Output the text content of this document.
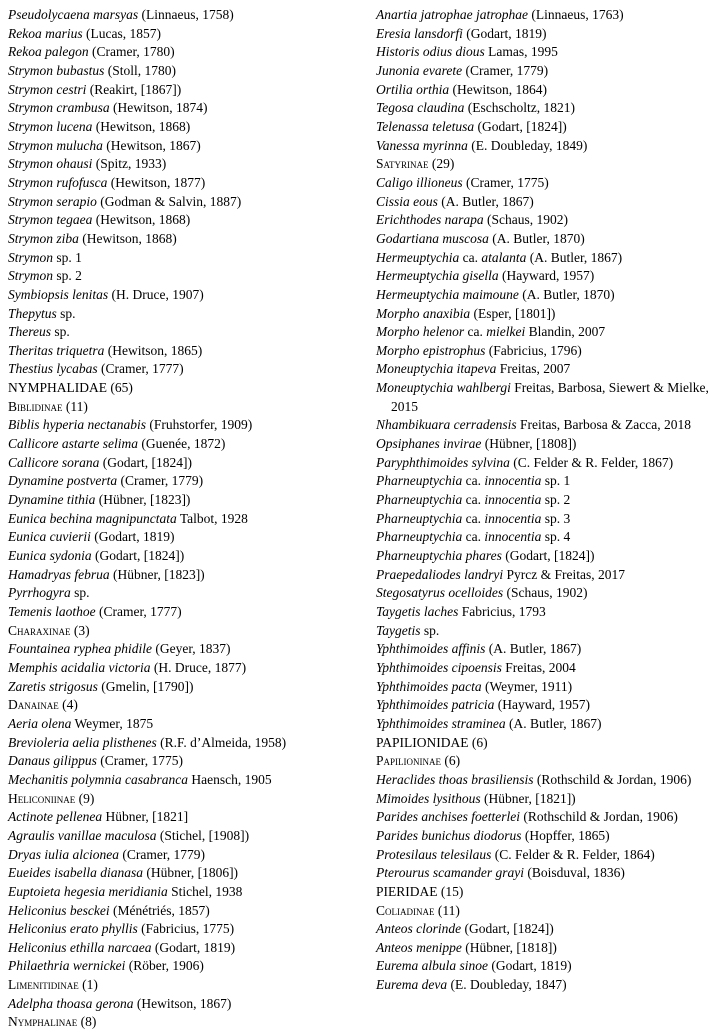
Pseudolycaena marsyas (Linnaeus, 1758)
Rekoa marius (Lucas, 1857)
Rekoa palegon (Cramer, 1780)
Strymon bubastus (Stoll, 1780)
Strymon cestri (Reakirt, [1867])
Strymon crambusa (Hewitson, 1874)
Strymon lucena (Hewitson, 1868)
Strymon mulucha (Hewitson, 1867)
Strymon ohausi (Spitz, 1933)
Strymon rufofusca (Hewitson, 1877)
Strymon serapio (Godman & Salvin, 1887)
Strymon tegaea (Hewitson, 1868)
Strymon ziba (Hewitson, 1868)
Strymon sp. 1
Strymon sp. 2
Symbiopsis lenitas (H. Druce, 1907)
Thepytus sp.
Thereus sp.
Theritas triquetra (Hewitson, 1865)
Thestius lycabas (Cramer, 1777)
NYMPHALIDAE (65)
Biblidinae (11)
Biblis hyperia nectanabis (Fruhstorfer, 1909)
Callicore astarte selima (Guenée, 1872)
Callicore sorana (Godart, [1824])
Dynamine postverta (Cramer, 1779)
Dynamine tithia (Hübner, [1823])
Eunica bechina magnipunctata Talbot, 1928
Eunica cuvierii (Godart, 1819)
Eunica sydonia (Godart, [1824])
Hamadryas februa (Hübner, [1823])
Pyrrhogyra sp.
Temenis laothoe (Cramer, 1777)
Charaxinae (3)
Fountainea ryphea phidile (Geyer, 1837)
Memphis acidalia victoria (H. Druce, 1877)
Zaretis strigosus (Gmelin, [1790])
Danainae (4)
Aeria olena Weymer, 1875
Brevioleria aelia plisthenes (R.F. d’Almeida, 1958)
Danaus gilippus (Cramer, 1775)
Mechanitis polymnia casabranca Haensch, 1905
Heliconiinae (9)
Actinote pellenea Hübner, [1821]
Agraulis vanillae maculosa (Stichel, [1908])
Dryas iulia alcionea (Cramer, 1779)
Eueides isabella dianasa (Hübner, [1806])
Euptoieta hegesia meridiania Stichel, 1938
Heliconius besckei (Ménétriés, 1857)
Heliconius erato phyllis (Fabricius, 1775)
Heliconius ethilla narcaea (Godart, 1819)
Philaethria wernickei (Röber, 1906)
Limenitidinae (1)
Adelpha thoasa gerona (Hewitson, 1867)
Nymphalinae (8)
Anartia jatrophae jatrophae (Linnaeus, 1763)
Eresia lansdorfi (Godart, 1819)
Historis odius dious Lamas, 1995
Junonia evarete (Cramer, 1779)
Ortilia orthia (Hewitson, 1864)
Tegosa claudina (Eschscholtz, 1821)
Telenassa teletusa (Godart, [1824])
Vanessa myrinna (E. Doubleday, 1849)
Satyrinae (29)
Caligo illioneus (Cramer, 1775)
Cissia eous (A. Butler, 1867)
Erichthodes narapa (Schaus, 1902)
Godartiana muscosa (A. Butler, 1870)
Hermeuptychia ca. atalanta (A. Butler, 1867)
Hermeuptychia gisella (Hayward, 1957)
Hermeuptychia maimoune (A. Butler, 1870)
Morpho anaxibia (Esper, [1801])
Morpho helenor ca. mielkei Blandin, 2007
Morpho epistrophus (Fabricius, 1796)
Moneuptychia itapeva Freitas, 2007
Moneuptychia wahlbergi Freitas, Barbosa, Siewert & Mielke, 2015
Nhambikuara cerradensis Freitas, Barbosa & Zacca, 2018
Opsiphanes invirae (Hübner, [1808])
Paryphthimoides sylvina (C. Felder & R. Felder, 1867)
Pharneuptychia ca. innocentia sp. 1
Pharneuptychia ca. innocentia sp. 2
Pharneuptychia ca. innocentia sp. 3
Pharneuptychia ca. innocentia sp. 4
Pharneuptychia phares (Godart, [1824])
Praepedaliodes landryi Pyrcz & Freitas, 2017
Stegosatyrus ocelloides (Schaus, 1902)
Taygetis laches Fabricius, 1793
Taygetis sp.
Yphthimoides affinis (A. Butler, 1867)
Yphthimoides cipoensis Freitas, 2004
Yphthimoides pacta (Weymer, 1911)
Yphthimoides patricia (Hayward, 1957)
Yphthimoides straminea (A. Butler, 1867)
PAPILIONIDAE (6)
Papilioninae (6)
Heraclides thoas brasiliensis (Rothschild & Jordan, 1906)
Mimoides lysithous (Hübner, [1821])
Parides anchises foetterlei (Rothschild & Jordan, 1906)
Parides bunichus diodorus (Hopffer, 1865)
Protesilaus telesilaus (C. Felder & R. Felder, 1864)
Pterourus scamander grayi (Boisduval, 1836)
PIERIDAE (15)
Coliadinae (11)
Anteos clorinde (Godart, [1824])
Anteos menippe (Hübner, [1818])
Eurema albula sinoe (Godart, 1819)
Eurema deva (E. Doubleday, 1847)
